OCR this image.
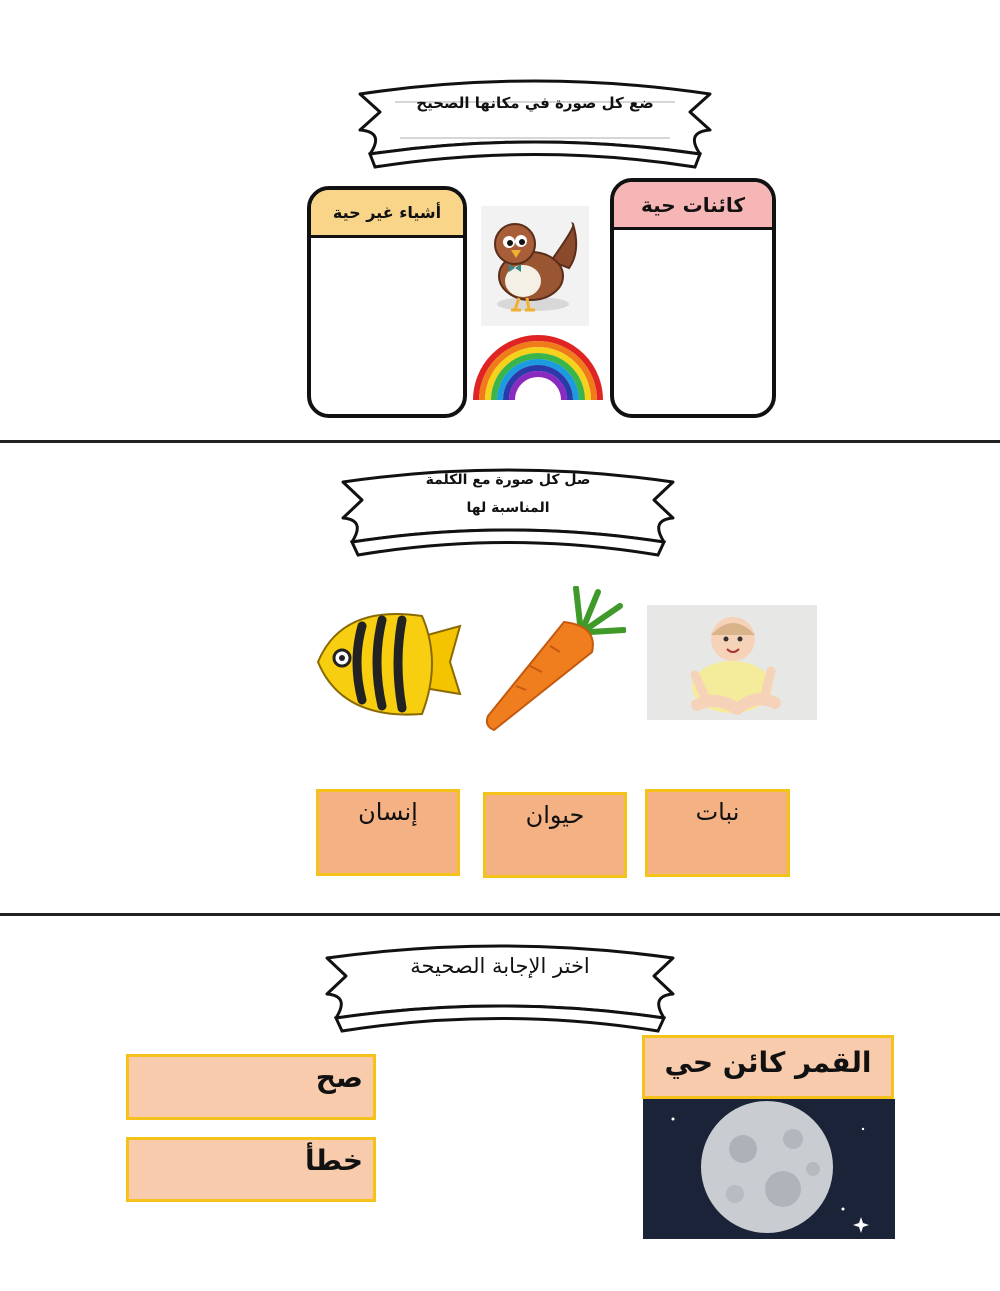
ضع كل صورة في مكانها الصحيح
كائنات حية
أشياء غير حية
صل كل صورة مع الكلمة
المناسبة لها
إنسان	حيوان	نبات
اختر الإجابة الصحيحة
القمر كائن حي
صح
خطأ
